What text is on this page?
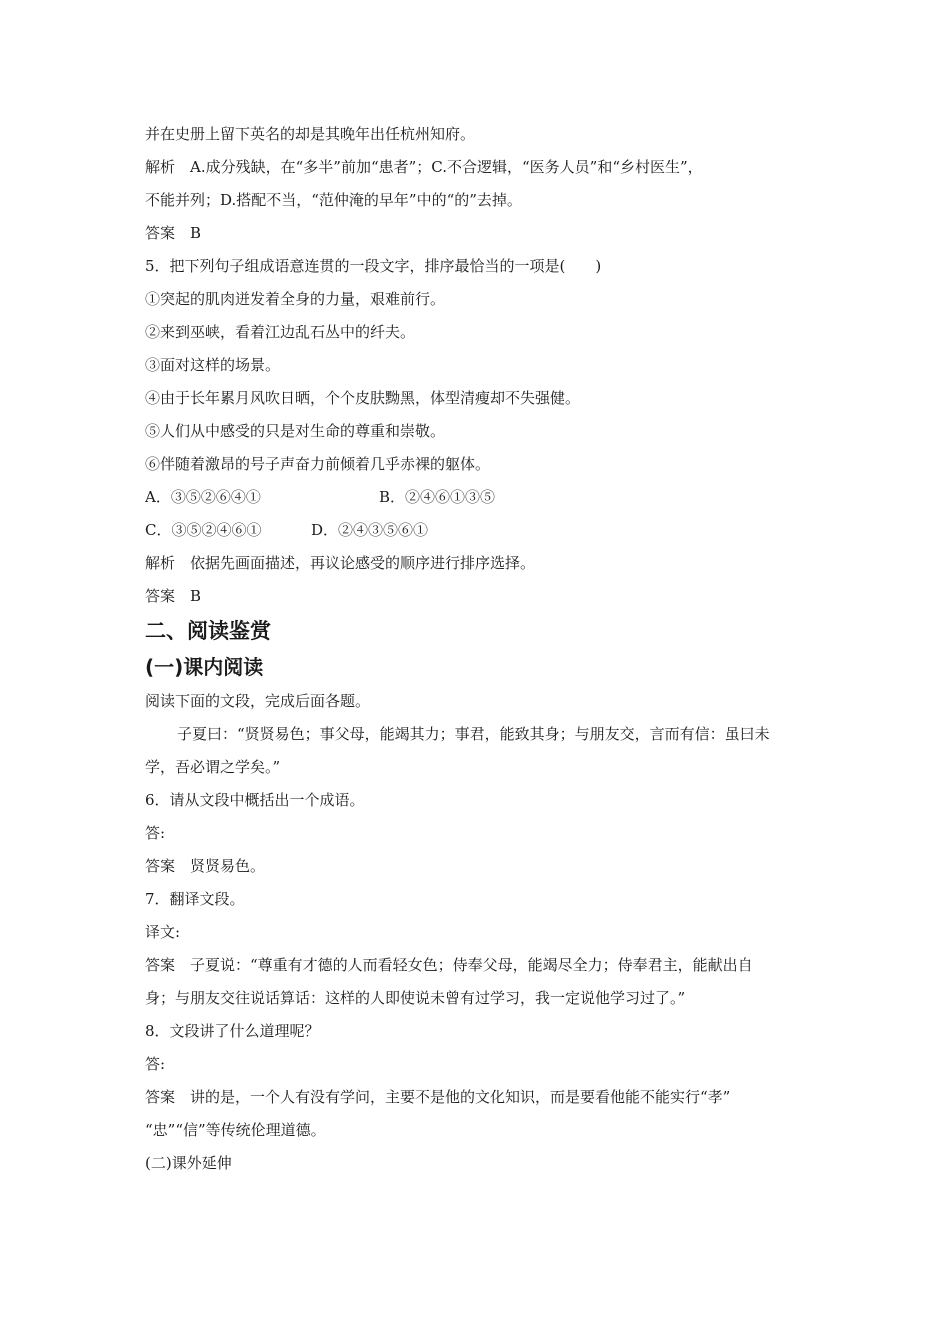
并在史册上留下英名的却是其晚年出任杭州知府。
解析　A.成分残缺，在“多半”前加“患者”；C.不合逻辑，“医务人员”和“乡村医生”，
不能并列；D.搭配不当，“范仲淹的早年”中的“的”去掉。
答案　B
5．把下列句子组成语意连贯的一段文字，排序最恰当的一项是(　　)
①突起的肌肉迸发着全身的力量，艰难前行。
②来到巫峡，看着江边乱石丛中的纤夫。
③面对这样的场景。
④由于长年累月风吹日晒，个个皮肤黝黑，体型清瘦却不失强健。
⑤人们从中感受的只是对生命的尊重和崇敬。
⑥伴随着激昂的号子声奋力前倾着几乎赤裸的躯体。
A．③⑤②⑥④①	B．②④⑥①③⑤
C．③⑤②④⑥①	D．②④③⑤⑥①
解析　依据先画面描述，再议论感受的顺序进行排序选择。
答案　B
二、阅读鉴赏
(一)课内阅读
阅读下面的文段，完成后面各题。
子夏曰：“贤贤易色；事父母，能竭其力；事君，能致其身；与朋友交，言而有信：虽曰未
学，吾必谓之学矣。”
6．请从文段中概括出一个成语。
答:
答案　贤贤易色。
7．翻译文段。
译文:
答案　子夏说：“尊重有才德的人而看轻女色；侍奉父母，能竭尽全力；侍奉君主，能献出自
身；与朋友交往说话算话：这样的人即使说未曾有过学习，我一定说他学习过了。”
8．文段讲了什么道理呢？
答:
答案　讲的是，一个人有没有学问，主要不是他的文化知识，而是要看他能不能实行“孝”
“忠”“信”等传统伦理道德。
(二)课外延伸
